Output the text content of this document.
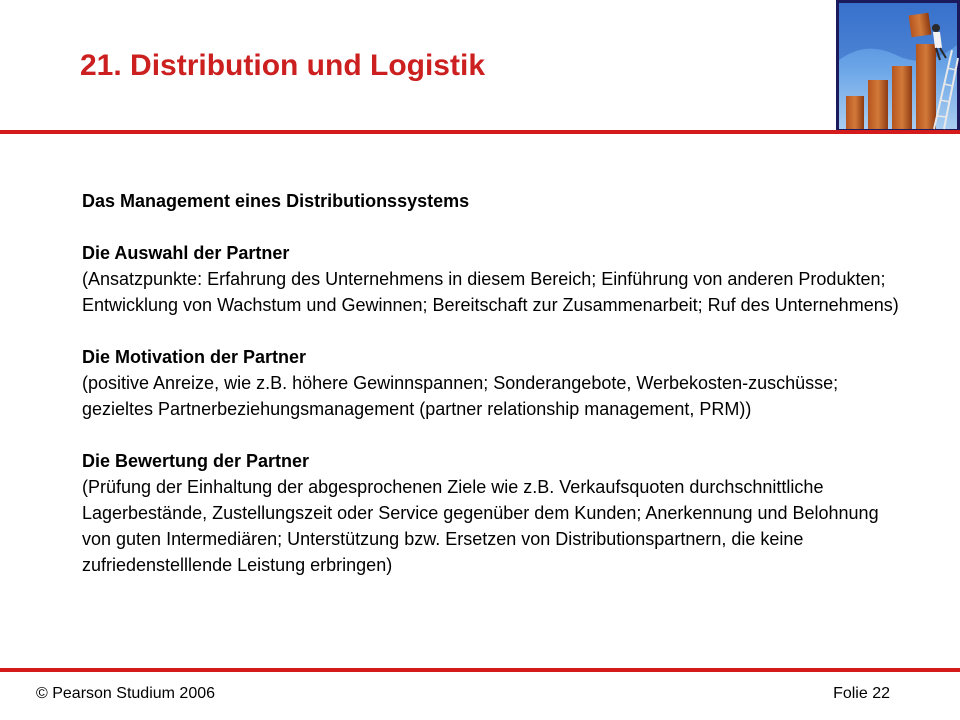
21. Distribution und Logistik

Das Management eines Distributionssystems

Die Auswahl der Partner

(Ansatzpunkte: Erfahrung des Unternehmens in diesem Bereich; Einführung von anderen Produkten; Entwicklung von Wachstum und Gewinnen; Bereitschaft zur Zusammenarbeit; Ruf des Unternehmens)

Die Motivation der Partner

(positive Anreize, wie z.B. höhere Gewinnspannen; Sonderangebote, Werbekosten-zuschüsse; gezieltes Partnerbeziehungsmanagement (partner relationship management, PRM))

Die Bewertung der Partner

(Prüfung der Einhaltung der abgesprochenen Ziele wie z.B. Verkaufsquoten durchschnittliche Lagerbestände, Zustellungszeit oder Service gegenüber dem Kunden; Anerkennung und Belohnung von guten Intermediären; Unterstützung bzw. Ersetzen von Distributionspartnern, die keine zufriedenstelllende Leistung erbringen)

© Pearson Studium 2006	Folie 22
